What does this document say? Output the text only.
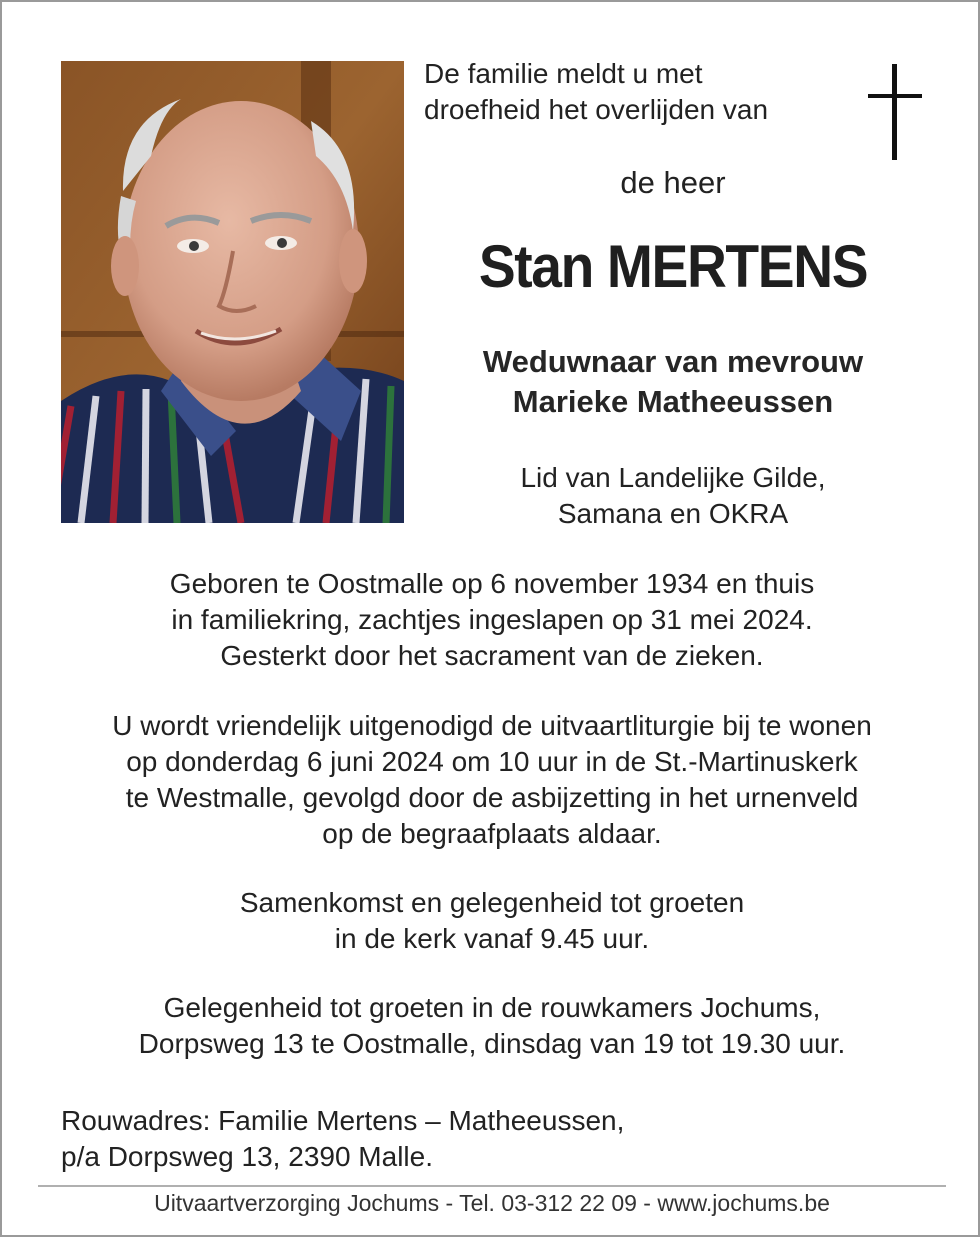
De familie meldt u met
droefheid het overlijden van
de heer
Stan MERTENS
Weduwnaar van mevrouw
Marieke Matheeussen
Lid van Landelijke Gilde,
Samana en OKRA
Geboren te Oostmalle op 6 november 1934 en thuis
in familiekring, zachtjes ingeslapen op 31 mei 2024.
Gesterkt door het sacrament van de zieken.
U wordt vriendelijk uitgenodigd de uitvaartliturgie bij te wonen
op donderdag 6 juni 2024 om 10 uur in de St.-Martinuskerk
te Westmalle, gevolgd door de asbijzetting in het urnenveld
op de begraafplaats aldaar.
Samenkomst en gelegenheid tot groeten
in de kerk vanaf 9.45 uur.
Gelegenheid tot groeten in de rouwkamers Jochums,
Dorpsweg 13 te Oostmalle, dinsdag van 19 tot 19.30 uur.
Rouwadres: Familie Mertens – Matheeussen,
p/a Dorpsweg 13, 2390 Malle.
Uitvaartverzorging Jochums - Tel. 03-312 22 09 - www.jochums.be
